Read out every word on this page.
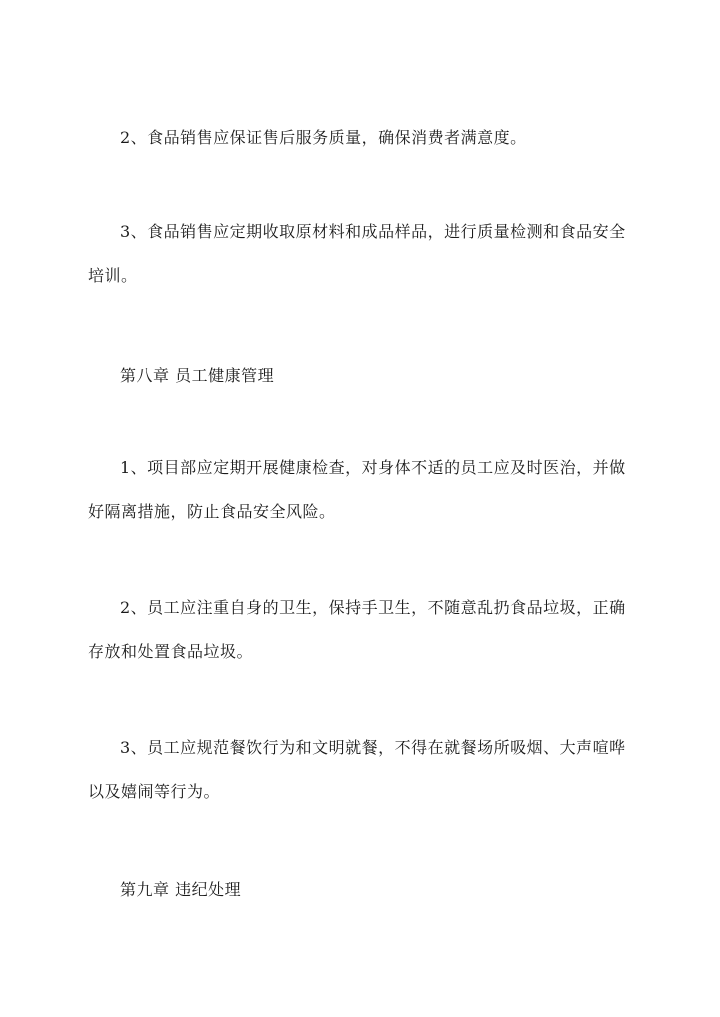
2、食品销售应保证售后服务质量，确保消费者满意度。

3、食品销售应定期收取原材料和成品样品，进行质量检测和食品安全培训。

第八章 员工健康管理

1、项目部应定期开展健康检查，对身体不适的员工应及时医治，并做好隔离措施，防止食品安全风险。

2、员工应注重自身的卫生，保持手卫生，不随意乱扔食品垃圾，正确存放和处置食品垃圾。

3、员工应规范餐饮行为和文明就餐，不得在就餐场所吸烟、大声喧哗以及嬉闹等行为。

第九章 违纪处理
